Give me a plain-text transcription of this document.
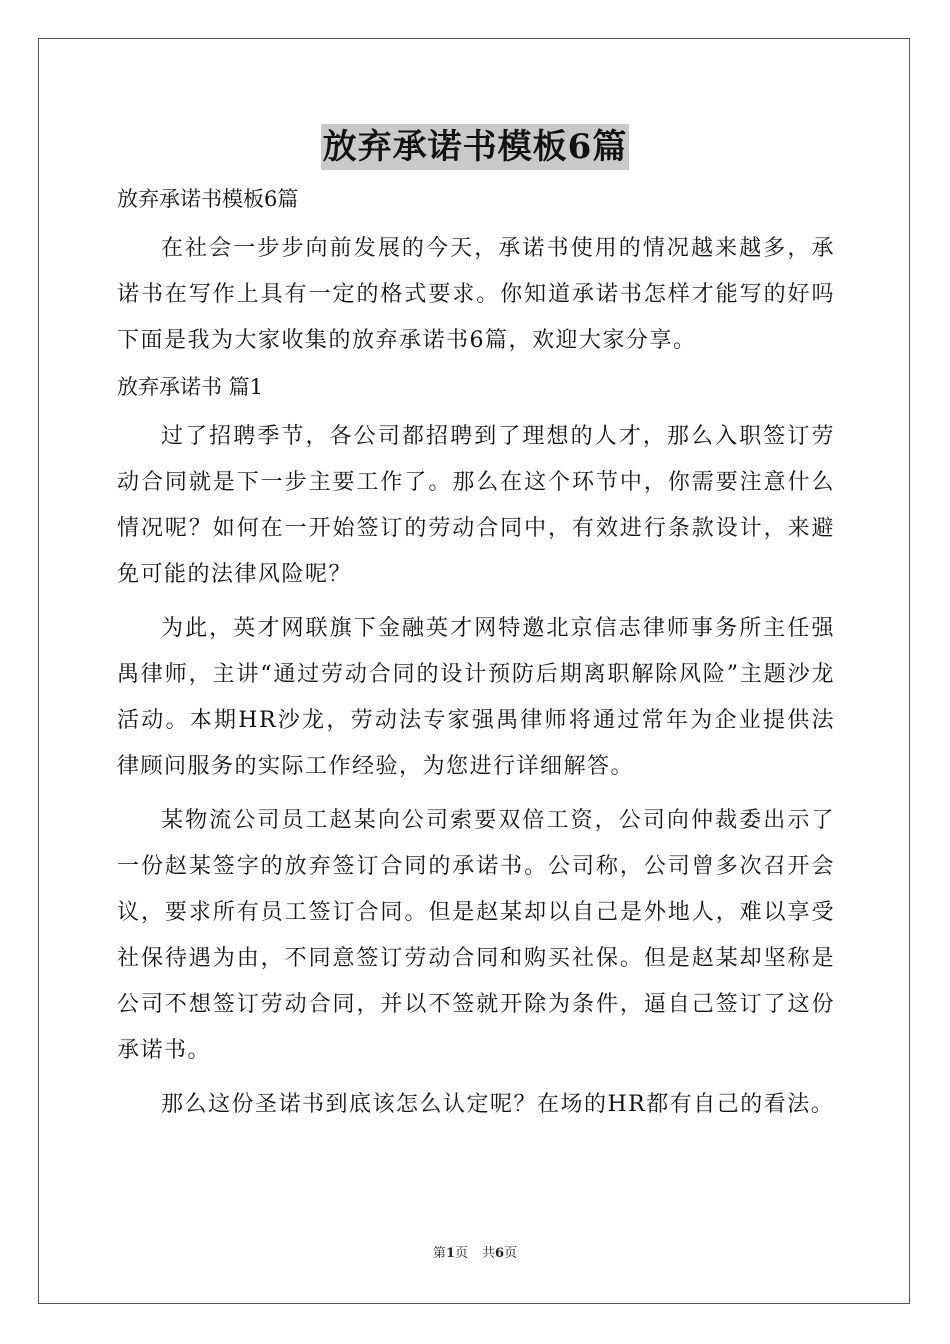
放弃承诺书模板6篇

放弃承诺书模板6篇

在社会一步步向前发展的今天，承诺书使用的情况越来越多，承诺书在写作上具有一定的格式要求。你知道承诺书怎样才能写的好吗下面是我为大家收集的放弃承诺书6篇，欢迎大家分享。

放弃承诺书 篇1

过了招聘季节，各公司都招聘到了理想的人才，那么入职签订劳动合同就是下一步主要工作了。那么在这个环节中，你需要注意什么情况呢？如何在一开始签订的劳动合同中，有效进行条款设计，来避免可能的法律风险呢？

为此，英才网联旗下金融英才网特邀北京信志律师事务所主任强禺律师，主讲“通过劳动合同的设计预防后期离职解除风险”主题沙龙活动。本期HR沙龙，劳动法专家强禺律师将通过常年为企业提供法律顾问服务的实际工作经验，为您进行详细解答。

某物流公司员工赵某向公司索要双倍工资，公司向仲裁委出示了一份赵某签字的放弃签订合同的承诺书。公司称，公司曾多次召开会议，要求所有员工签订合同。但是赵某却以自己是外地人，难以享受社保待遇为由，不同意签订劳动合同和购买社保。但是赵某却坚称是公司不想签订劳动合同，并以不签就开除为条件，逼自己签订了这份承诺书。

那么这份圣诺书到底该怎么认定呢？在场的HR都有自己的看法。

第1页 共6页
